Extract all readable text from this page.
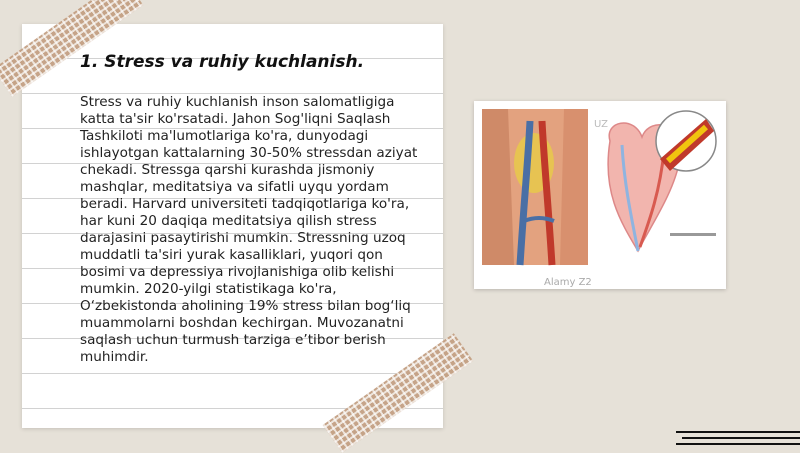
1. Stress va ruhiy kuchlanish.

Stress va ruhiy kuchlanish inson salomatligiga katta ta'sir ko'rsatadi. Jahon Sog'liqni Saqlash Tashkiloti ma'lumotlariga ko'ra, dunyodagi ishlayotgan kattalarning 30-50% stressdan aziyat chekadi. Stressga qarshi kurashda jismoniy mashqlar, meditatsiya va sifatli uyqu yordam beradi. Harvard universiteti tadqiqotlariga ko'ra, har kuni 20 daqiqa meditatsiya qilish stress darajasini pasaytirishi mumkin. Stressning uzoq muddatli ta'siri yurak kasalliklari, yuqori qon bosimi va depressiya rivojlanishiga olib kelishi mumkin. 2020-yilgi statistikaga ko'ra, O‘zbekistonda aholining 19% stress bilan bog‘liq muammolarni boshdan kechirgan. Muvozanatni saqlash uchun turmush tarziga e’tibor berish muhimdir.

UZ
Alamy Z2
